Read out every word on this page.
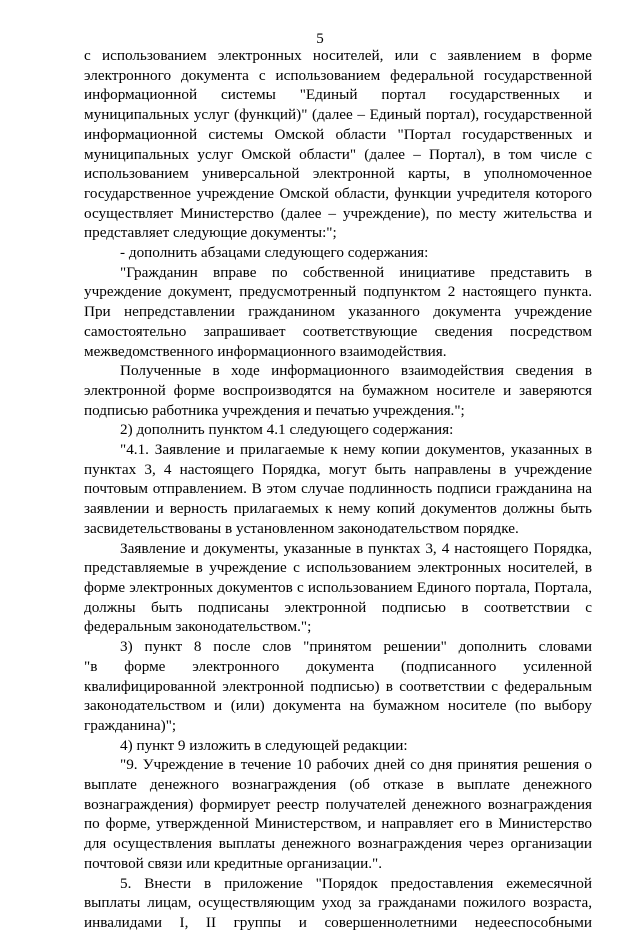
5
с использованием электронных носителей, или с заявлением в форме
электронного документа с использованием федеральной государственной
информационной системы "Единый портал государственных и
муниципальных услуг (функций)" (далее – Единый портал), государственной
информационной системы Омской области "Портал государственных и
муниципальных услуг Омской области" (далее – Портал), в том числе с
использованием универсальной электронной карты, в уполномоченное
государственное учреждение Омской области, функции учредителя которого
осуществляет Министерство (далее – учреждение), по месту жительства и
представляет следующие документы:";
- дополнить абзацами следующего содержания:
"Гражданин вправе по собственной инициативе представить в
учреждение документ, предусмотренный подпунктом 2 настоящего пункта.
При непредставлении гражданином указанного документа учреждение
самостоятельно запрашивает соответствующие сведения посредством
межведомственного информационного взаимодействия.
Полученные в ходе информационного взаимодействия сведения в
электронной форме воспроизводятся на бумажном носителе и заверяются
подписью работника учреждения и печатью учреждения.";
2) дополнить пунктом 4.1 следующего содержания:
"4.1. Заявление и прилагаемые к нему копии документов, указанных в
пунктах 3, 4 настоящего Порядка, могут быть направлены в учреждение
почтовым отправлением. В этом случае подлинность подписи гражданина на
заявлении и верность прилагаемых к нему копий документов должны быть
засвидетельствованы в установленном законодательством порядке.
Заявление и документы, указанные в пунктах 3, 4 настоящего Порядка,
представляемые в учреждение с использованием электронных носителей, в
форме электронных документов с использованием Единого портала, Портала,
должны быть подписаны электронной подписью в соответствии с
федеральным законодательством.";
3) пункт 8 после слов "принятом решении" дополнить словами
"в форме электронного документа (подписанного усиленной
квалифицированной электронной подписью) в соответствии с федеральным
законодательством и (или) документа на бумажном носителе (по выбору
гражданина)";
4) пункт 9 изложить в следующей редакции:
"9. Учреждение в течение 10 рабочих дней со дня принятия решения о
выплате денежного вознаграждения (об отказе в выплате денежного
вознаграждения) формирует реестр получателей денежного вознаграждения
по форме, утвержденной Министерством, и направляет его в Министерство
для осуществления выплаты денежного вознаграждения через организации
почтовой связи или кредитные организации.".
5. Внести в приложение "Порядок предоставления ежемесячной
выплаты лицам, осуществляющим уход за гражданами пожилого возраста,
инвалидами I, II группы и совершеннолетними недееспособными
